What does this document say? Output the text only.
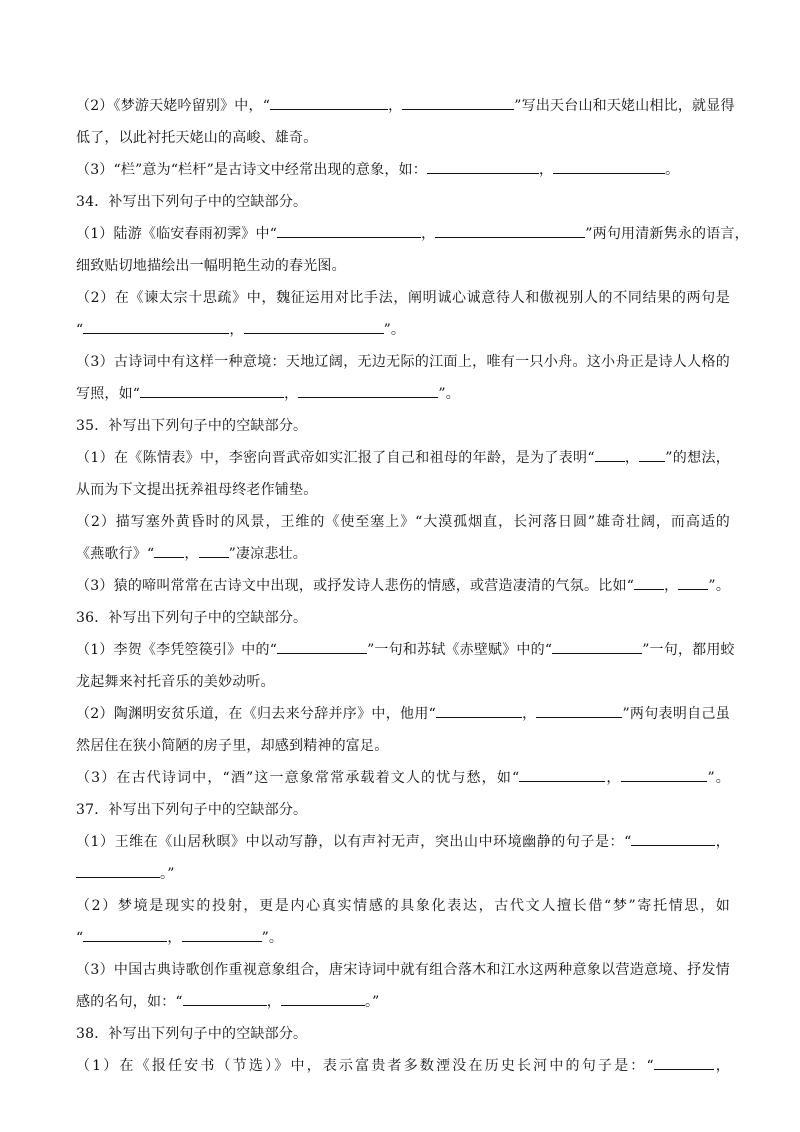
（2）《梦游天姥吟留别》中，“	，	”写出天台山和天姥山相比，就显得
低了，以此衬托天姥山的高峻、雄奇。
（3）“栏”意为“栏杆”是古诗文中经常出现的意象，如：	，	。
34．补写出下列句子中的空缺部分。
（1）陆游《临安春雨初霁》中“	，	”两句用清新隽永的语言，
细致贴切地描绘出一幅明艳生动的春光图。
（2）在《谏太宗十思疏》中，魏征运用对比手法，阐明诚心诚意待人和傲视别人的不同结果的两句是
“	，	”。
（3）古诗词中有这样一种意境：天地辽阔，无边无际的江面上，唯有一只小舟。这小舟正是诗人人格的
写照，如“	，	”。
35．补写出下列句子中的空缺部分。
（1）在《陈情表》中，李密向晋武帝如实汇报了自己和祖母的年龄，是为了表明“ ， ”的想法，
从而为下文提出抚养祖母终老作铺垫。
（2）描写塞外黄昏时的风景，王维的《使至塞上》“大漠孤烟直，长河落日圆”雄奇壮阔，而高适的
《燕歌行》“ ， ”凄凉悲壮。
（3）猿的啼叫常常在古诗文中出现，或抒发诗人悲伤的情感，或营造凄清的气氛。比如“ ， ”。
36．补写出下列句子中的空缺部分。
（1）李贺《李凭箜篌引》中的“	”一句和苏轼《赤壁赋》中的“	”一句，都用蛟
龙起舞来衬托音乐的美妙动听。
（2）陶渊明安贫乐道，在《归去来兮辞并序》中，他用“	，	”两句表明自己虽
然居住在狭小简陋的房子里，却感到精神的富足。
（3）在古代诗词中，“酒”这一意象常常承载着文人的忧与愁，如“	，	”。
37．补写出下列句子中的空缺部分。
（1）王维在《山居秋暝》中以动写静，以有声衬无声，突出山中环境幽静的句子是：“	，
。”
（2）梦境是现实的投射，更是内心真实情感的具象化表达，古代文人擅长借“梦”寄托情思，如
“	，	”。
（3）中国古典诗歌创作重视意象组合，唐宋诗词中就有组合落木和江水这两种意象以营造意境、抒发情
感的名句，如：“	，	。”
38．补写出下列句子中的空缺部分。
（1）在《报任安书（节选）》中，表示富贵者多数湮没在历史长河中的句子是：“	，
